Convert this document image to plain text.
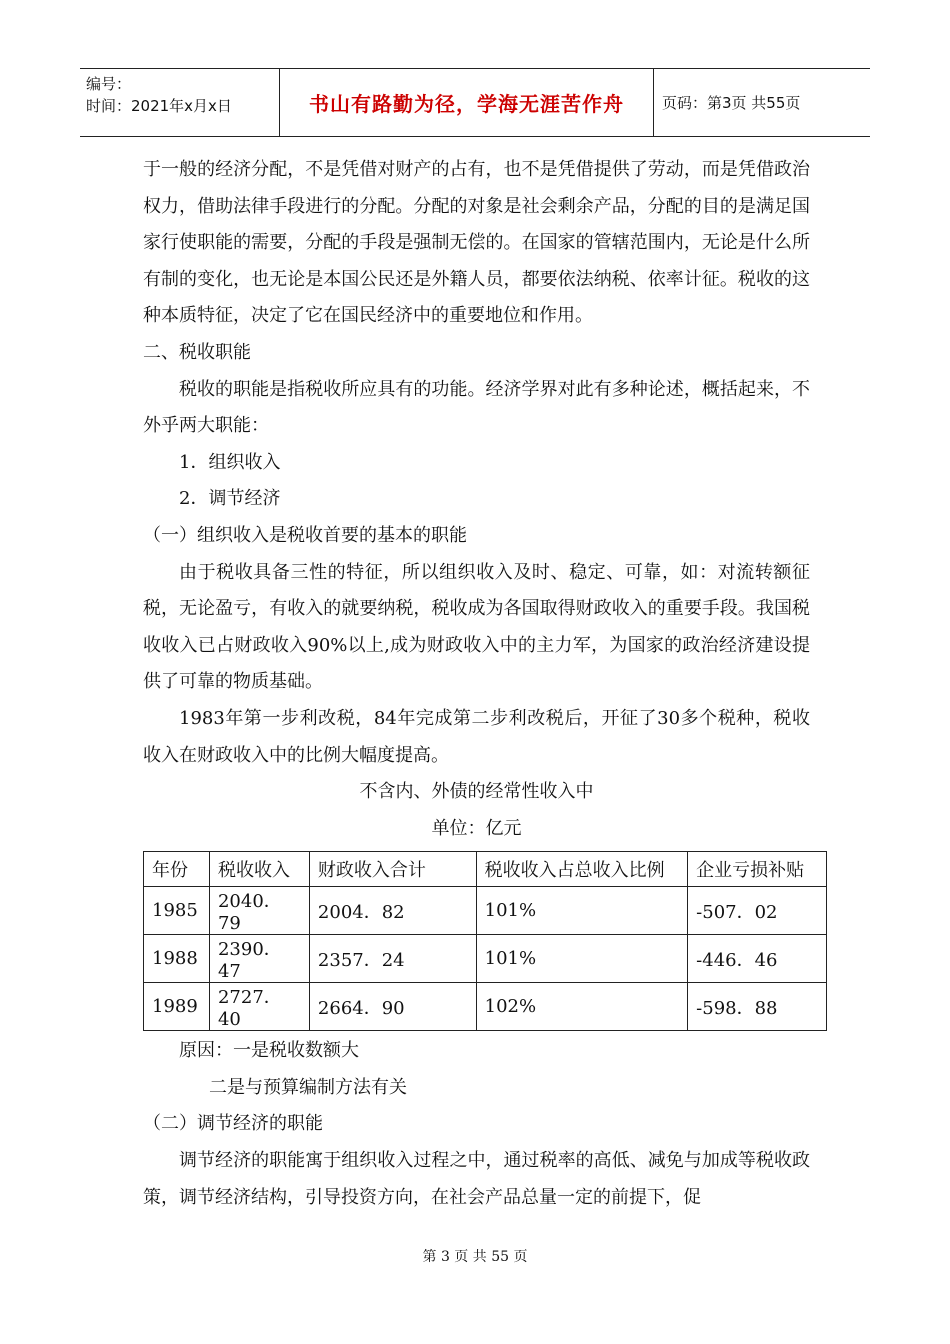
编号：
时间：2021年x月x日	书山有路勤为径，学海无涯苦作舟	页码：第3页 共55页

于一般的经济分配，不是凭借对财产的占有，也不是凭借提供了劳动，而是凭借政治权力，借助法律手段进行的分配。分配的对象是社会剩余产品，分配的目的是满足国家行使职能的需要，分配的手段是强制无偿的。在国家的管辖范围内，无论是什么所有制的变化，也无论是本国公民还是外籍人员，都要依法纳税、依率计征。税收的这种本质特征，决定了它在国民经济中的重要地位和作用。

二、税收职能

税收的职能是指税收所应具有的功能。经济学界对此有多种论述，概括起来，不外乎两大职能：

1．组织收入

2．调节经济

（一）组织收入是税收首要的基本的职能

由于税收具备三性的特征，所以组织收入及时、稳定、可靠，如：对流转额征税，无论盈亏，有收入的就要纳税，税收成为各国取得财政收入的重要手段。我国税收收入已占财政收入90%以上,成为财政收入中的主力军，为国家的政治经济建设提供了可靠的物质基础。

1983年第一步利改税，84年完成第二步利改税后，开征了30多个税种，税收收入在财政收入中的比例大幅度提高。

不含内、外债的经常性收入中

单位：亿元

年份	税收收入	财政收入合计	税收收入占总收入比例	企业亏损补贴
1985	2040．79	2004．82	101%	-507．02
1988	2390．47	2357．24	101%	-446．46
1989	2727．40	2664．90	102%	-598．88

原因：一是税收数额大

二是与预算编制方法有关

（二）调节经济的职能

调节经济的职能寓于组织收入过程之中，通过税率的高低、减免与加成等税收政策，调节经济结构，引导投资方向，在社会产品总量一定的前提下，促

第 3 页 共 55 页
